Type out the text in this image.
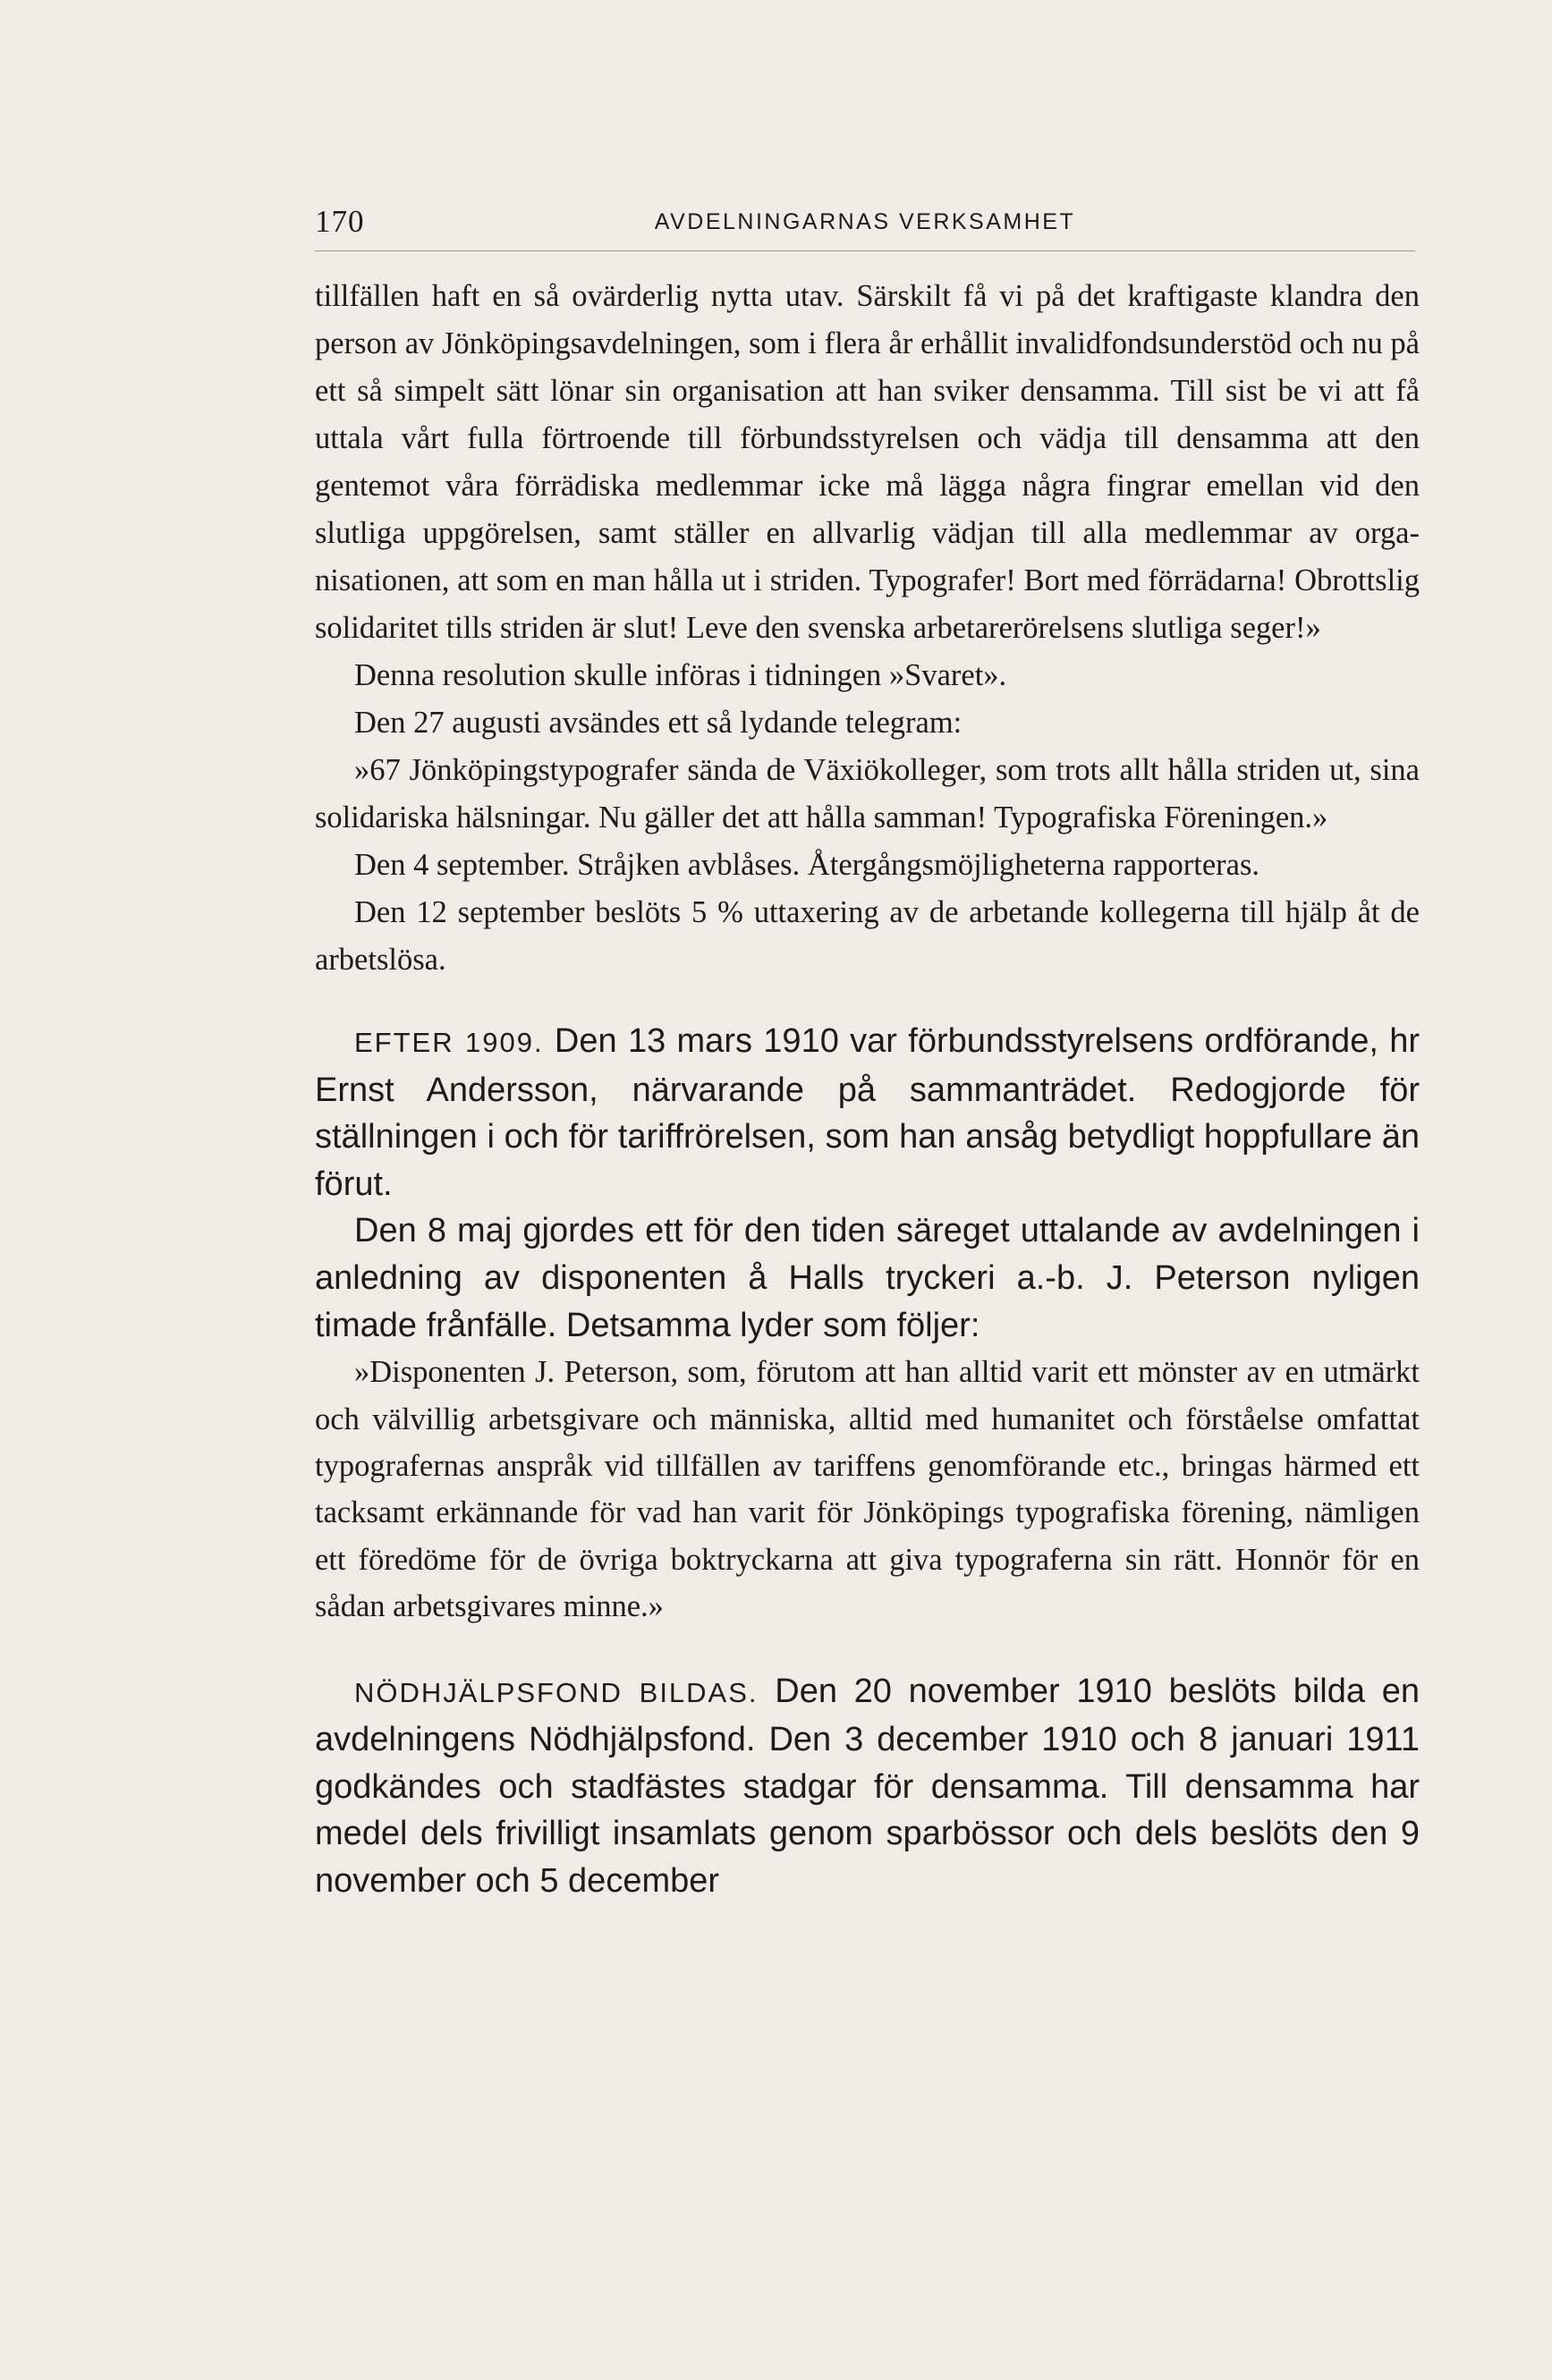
170	AVDELNINGARNAS VERKSAMHET

tillfällen haft en så ovärderlig nytta utav. Särskilt få vi på det kraftigaste klandra den person av Jönköpingsavdelningen, som i flera år erhållit invalidfondsunderstöd och nu på ett så simpelt sätt lönar sin organisation att han sviker densamma. Till sist be vi att få uttala vårt fulla förtroende till förbundsstyrelsen och vädja till densamma att den gentemot våra förrädiska medlemmar icke må lägga några fingrar emellan vid den slutliga uppgörelsen, samt ställer en allvarlig vädjan till alla medlemmar av organisationen, att som en man hålla ut i striden. Typografer! Bort med förrädarna! Obrottslig solidaritet tills striden är slut! Leve den svenska arbetarerörelsens slutliga seger!»

Denna resolution skulle införas i tidningen »Svaret».

Den 27 augusti avsändes ett så lydande telegram:

»67 Jönköpingstypografer sända de Växiökolleger, som trots allt hålla striden ut, sina solidariska hälsningar. Nu gäller det att hålla samman! Typografiska Föreningen.»

Den 4 september. Stråjken avblåses. Återgångsmöjligheterna rapporteras.

Den 12 september beslöts 5 % uttaxering av de arbetande kollegerna till hjälp åt de arbetslösa.

EFTER 1909. Den 13 mars 1910 var förbundsstyrelsens ordförande, hr Ernst Andersson, närvarande på sammanträdet. Redogjorde för ställningen i och för tariffrörelsen, som han ansåg betydligt hoppfullare än förut.

Den 8 maj gjordes ett för den tiden säreget uttalande av avdelningen i anledning av disponenten å Halls tryckeri a.-b. J. Peterson nyligen timade frånfälle. Detsamma lyder som följer:

»Disponenten J. Peterson, som, förutom att han alltid varit ett mönster av en utmärkt och välvillig arbetsgivare och människa, alltid med humanitet och förståelse omfattat typografernas anspråk vid tillfällen av tariffens genomförande etc., bringas härmed ett tacksamt erkännande för vad han varit för Jönköpings typografiska förening, nämligen ett föredöme för de övriga boktryckarna att giva typograferna sin rätt. Honnör för en sådan arbetsgivares minne.»

NÖDHJÄLPSFOND BILDAS. Den 20 november 1910 beslöts bilda en avdelningens Nödhjälpsfond. Den 3 december 1910 och 8 januari 1911 godkändes och stadfästes stadgar för densamma. Till densamma har medel dels frivilligt insamlats genom sparbössor och dels beslöts den 9 november och 5 december
